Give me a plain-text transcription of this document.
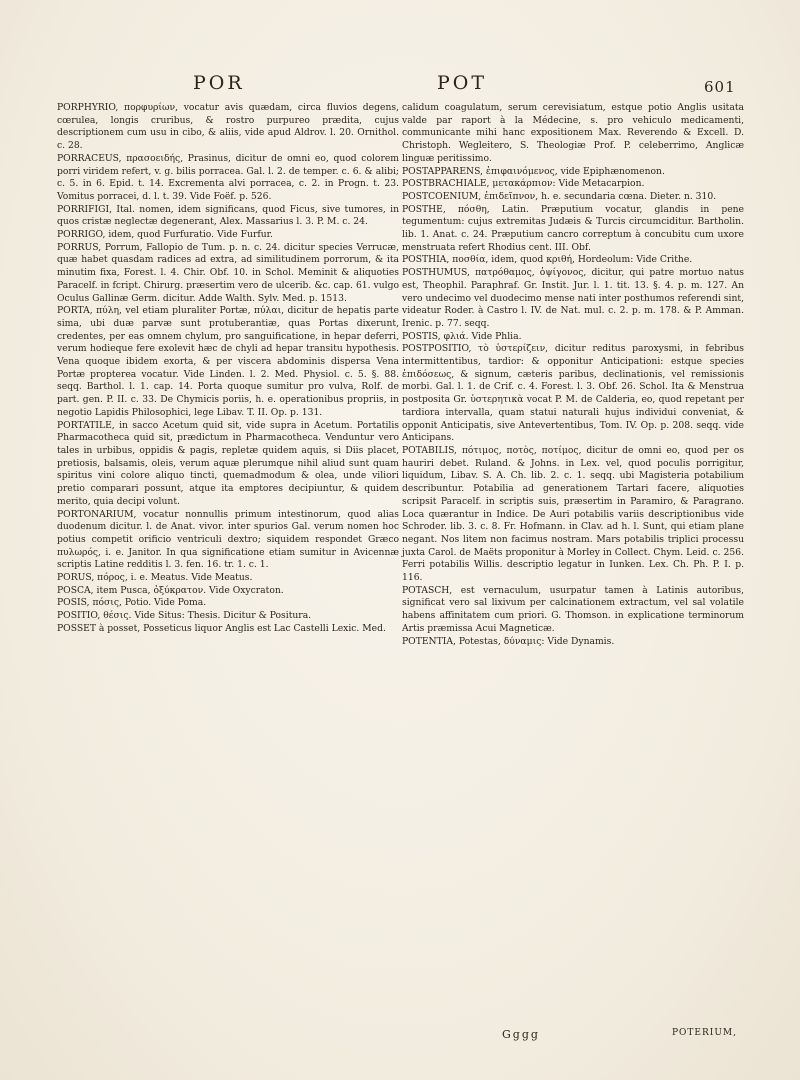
POR	POT	601

PORPHYRIO, πορφυρίων, vocatur avis quædam, circa fluvios degens, cœrulea, longis cruribus, & rostro purpureo prædita, cujus descriptionem cum usu in cibo, & aliis, vide apud Aldrov. l. 20. Ornithol. c. 28.

PORRACEUS, πρασοειδής, Prasinus, dicitur de omni eo, quod colorem porri viridem refert, v. g. bilis porracea. Gal. l. 2. de temper. c. 6. & alibi; c. 5. in 6. Epid. t. 14. Excrementa alvi porracea, c. 2. in Progn. t. 23. Vomitus porracei, d. l. t. 39. Vide Foëf. p. 526.

PORRIFIGI, Ital. nomen, idem significans, quod Ficus, sive tumores, in quos cristæ neglectæ degenerant, Alex. Massarius l. 3. P. M. c. 24.

PORRIGO, idem, quod Furfuratio. Vide Furfur.

PORRUS, Porrum, Fallopio de Tum. p. n. c. 24. dicitur species Verrucæ, quæ habet quasdam radices ad extra, ad similitudinem porrorum, & ita minutim fixa, Forest. l. 4. Chir. Obf. 10. in Schol. Meminit & aliquoties Paracelf. in fcript. Chirurg. præsertim vero de ulcerib. &c. cap. 61. vulgo Oculus Gallinæ Germ. dicitur. Adde Walth. Sylv. Med. p. 1513.

PORTA, πύλη, vel etiam pluraliter Portæ, πύλαι, dicitur de hepatis parte sima, ubi duæ parvæ sunt protuberantiæ, quas Portas dixerunt, credentes, per eas omnem chylum, pro sanguificatione, in hepar deferri, verum hodieque fere exolevit hæc de chyli ad hepar transitu hypothesis. Vena quoque ibidem exorta, & per viscera abdominis dispersa Vena Portæ propterea vocatur. Vide Linden. l. 2. Med. Physiol. c. 5. §. 88. seqq. Barthol. l. 1. cap. 14. Porta quoque sumitur pro vulva, Rolf. de part. gen. P. II. c. 33. De Chymicis poriis, h. e. operationibus propriis, in negotio Lapidis Philosophici, lege Libav. T. II. Op. p. 131.

PORTATILE, in sacco Acetum quid sit, vide supra in Acetum. Portatilis Pharmacotheca quid sit, prædictum in Pharmacotheca. Venduntur vero tales in urbibus, oppidis & pagis, repletæ quidem aquis, si Diis placet, pretiosis, balsamis, oleis, verum aquæ plerumque nihil aliud sunt quam spiritus vini colore aliquo tincti, quemadmodum & olea, unde viliori pretio comparari possunt, atque ita emptores decipiuntur, & quidem merito, quia decipi volunt.

PORTONARIUM, vocatur nonnullis primum intestinorum, quod alias duodenum dicitur. l. de Anat. vivor. inter spurios Gal. verum nomen hoc potius competit orificio ventriculi dextro; siquidem respondet Græco πυλωρός, i. e. Janitor. In qua significatione etiam sumitur in Avicennæ scriptis Latine redditis l. 3. fen. 16. tr. 1. c. 1.

PORUS, πόρος, i. e. Meatus. Vide Meatus.

POSCA, item Pusca, ὀξύκρατον. Vide Oxycraton.

POSIS, πόσις, Potio. Vide Poma.

POSITIO, θέσις. Vide Situs: Thesis. Dicitur & Positura.

POSSET à posset, Posseticus liquor Anglis est Lac Castelli Lexic. Med.

calidum coagulatum, serum cerevisiatum, estque potio Anglis usitata valde par raport à la Médecine, s. pro vehiculo medicamenti, communicante mihi hanc expositionem Max. Reverendo & Excell. D. Christoph. Wegleitero, S. Theologiæ Prof. P. celeberrimo, Anglicæ linguæ peritissimo.

POSTAPPARENS, ἐπιφαινόμενος, vide Epiphænomenon.

POSTBRACHIALE, μετακάρπιον: Vide Metacarpion.

POSTCOENIUM, ἐπιδεῖπνον, h. e. secundaria cœna. Dieter. n. 310.

POSTHE, πόσθη, Latin. Præputium vocatur, glandis in pene tegumentum: cujus extremitas Judæis & Turcis circumciditur. Bartholin. lib. 1. Anat. c. 24. Præputium cancro correptum à concubitu cum uxore menstruata refert Rhodius cent. III. Obf.

POSTHIA, ποσθία, idem, quod κριθή, Hordeolum: Vide Crithe.

POSTHUMUS, πατρόθαμος, ὀψίγονος, dicitur, qui patre mortuo natus est, Theophil. Paraphraf. Gr. Instit. Jur. l. 1. tit. 13. §. 4. p. m. 127. An vero undecimo vel duodecimo mense nati inter posthumos referendi sint, videatur Roder. à Castro l. IV. de Nat. mul. c. 2. p. m. 178. & P. Amman. Irenic. p. 77. seqq.

POSTIS, φλιά. Vide Phlia.

POSTPOSITIO, τὸ ὑστερίζειν, dicitur reditus paroxysmi, in febribus intermittentibus, tardior: & opponitur Anticipationi: estque species ἐπιδόσεως, & signum, cæteris paribus, declinationis, vel remissionis morbi. Gal. l. 1. de Crif. c. 4. Forest. l. 3. Obf. 26. Schol. Ita & Menstrua postposita Gr. ὑστερητικὰ vocat P. M. de Calderia, eo, quod repetant per tardiora intervalla, quam statui naturali hujus individui conveniat, & opponit Anticipatis, sive Antevertentibus, Tom. IV. Op. p. 208. seqq. vide Anticipans.

POTABILIS, πότιμος, ποτὸς, ποτίμος, dicitur de omni eo, quod per os hauriri debet. Ruland. & Johns. in Lex. vel, quod poculis porrigitur, liquidum, Libav. S. A. Ch. lib. 2. c. 1. seqq. ubi Magisteria potabilium describuntur. Potabilia ad generationem Tartari facere, aliquoties scripsit Paracelf. in scriptis suis, præsertim in Paramiro, & Paragrano. Loca quærantur in Indice. De Auri potabilis variis descriptionibus vide Schroder. lib. 3. c. 8. Fr. Hofmann. in Clav. ad h. l. Sunt, qui etiam plane negant. Nos litem non facimus nostram. Mars potabilis triplici processu juxta Carol. de Maëts proponitur à Morley in Collect. Chym. Leid. c. 256. Ferri potabilis Willis. descriptio legatur in Iunken. Lex. Ch. Ph. P. I. p. 116.

POTASCH, est vernaculum, usurpatur tamen à Latinis autoribus, significat vero sal lixivum per calcinationem extractum, vel sal volatile habens affinitatem cum priori. G. Thomson. in explicatione terminorum Artis præmissa Acui Magneticæ.

POTENTIA, Potestas, δύναμις: Vide Dynamis.

Gggg	POTERIUM,
